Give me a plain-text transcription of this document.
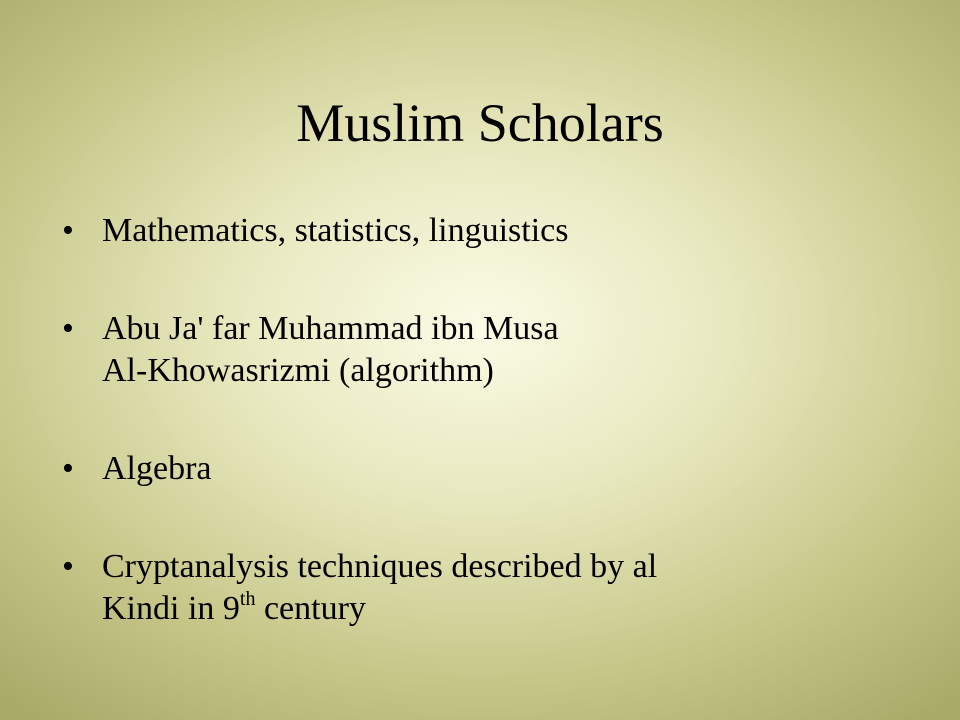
Muslim Scholars
• Mathematics, statistics, linguistics
• Abu Ja' far Muhammad ibn Musa
Al-Khowasrizmi (algorithm)
• Algebra
• Cryptanalysis techniques described by al
Kindi in 9th century
